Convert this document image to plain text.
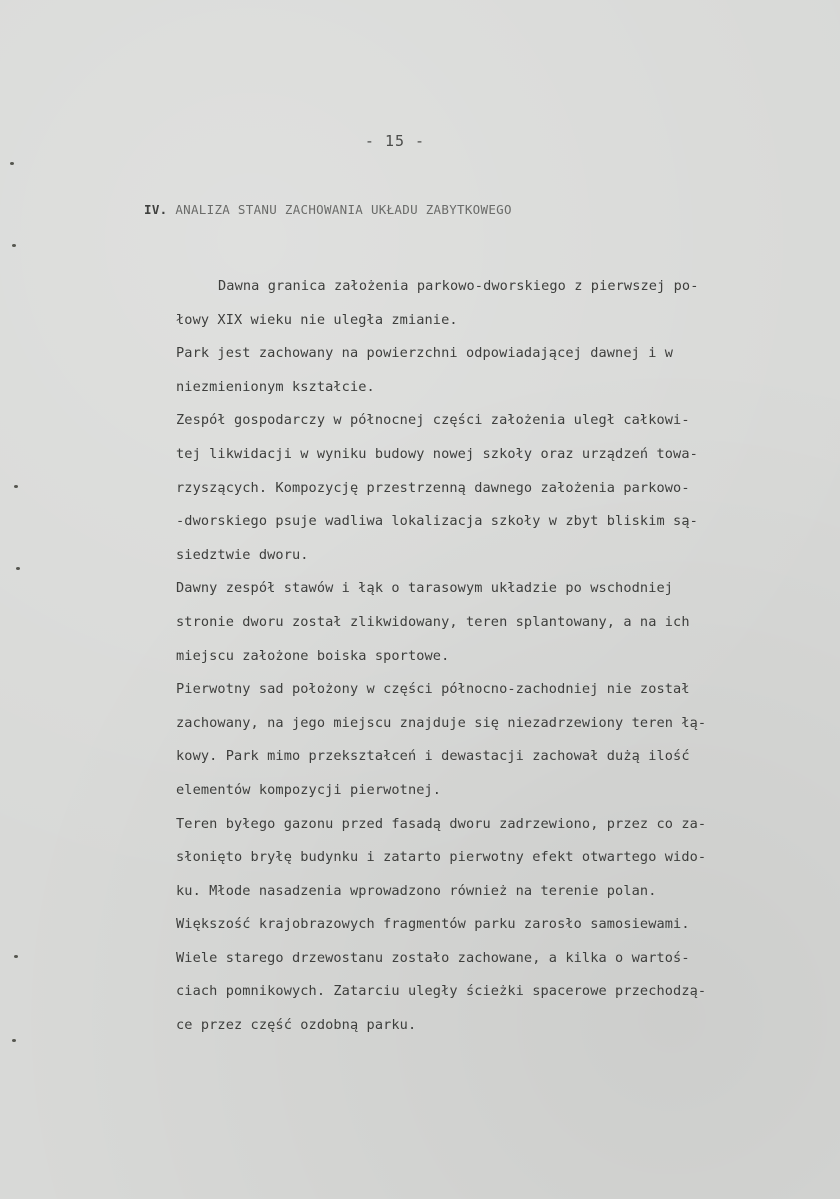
- 15 -
IV. ANALIZA STANU ZACHOWANIA UKŁADU ZABYTKOWEGO
Dawna granica założenia parkowo-dworskiego z pierwszej po-
łowy XIX wieku nie uległa zmianie.
Park jest zachowany na powierzchni odpowiadającej dawnej i w
niezmienionym kształcie.
Zespół gospodarczy w północnej części założenia uległ całkowi-
tej likwidacji w wyniku budowy nowej szkoły oraz urządzeń towa-
rzyszących. Kompozycję przestrzenną dawnego założenia parkowo-
-dworskiego psuje wadliwa lokalizacja szkoły w zbyt bliskim są-
siedztwie dworu.
Dawny zespół stawów i łąk o tarasowym układzie po wschodniej
stronie dworu został zlikwidowany, teren splantowany, a na ich
miejscu założone boiska sportowe.
Pierwotny sad położony w części północno-zachodniej nie został
zachowany, na jego miejscu znajduje się niezadrzewiony teren łą-
kowy. Park mimo przekształceń i dewastacji zachował dużą ilość
elementów kompozycji pierwotnej.
Teren byłego gazonu przed fasadą dworu zadrzewiono, przez co za-
słonięto bryłę budynku i zatarto pierwotny efekt otwartego wido-
ku. Młode nasadzenia wprowadzono również na terenie polan.
Większość krajobrazowych fragmentów parku zarosło samosiewami.
Wiele starego drzewostanu zostało zachowane, a kilka o wartoś-
ciach pomnikowych. Zatarciu uległy ścieżki spacerowe przechodzą-
ce przez część ozdobną parku.
